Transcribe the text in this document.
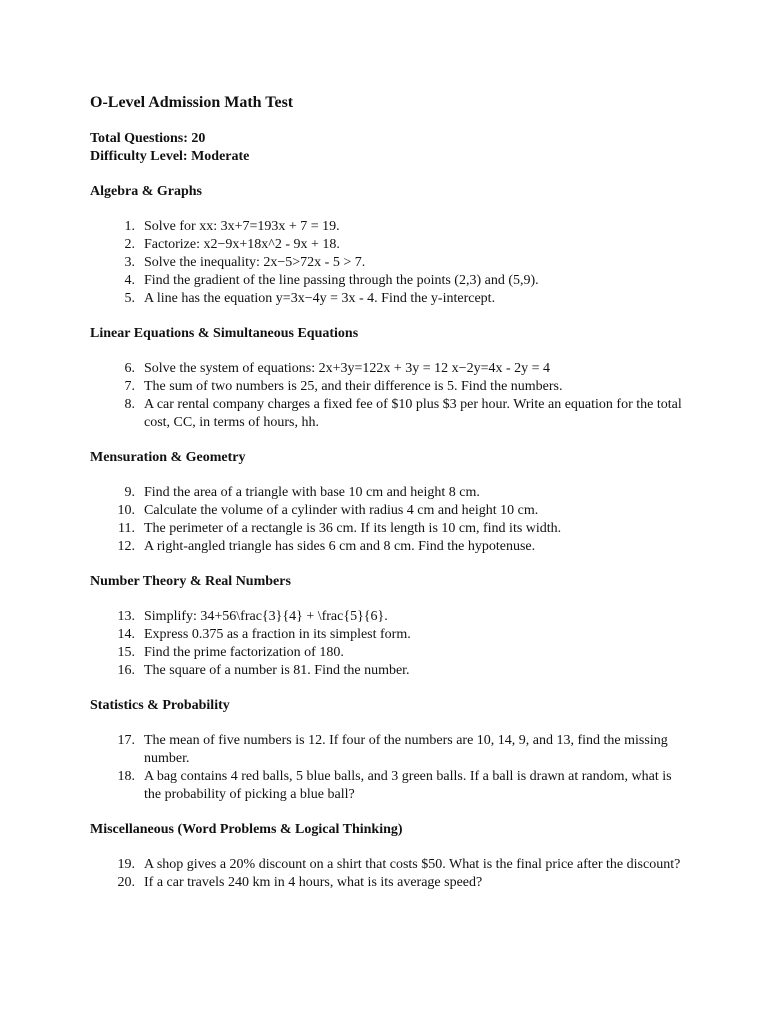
O-Level Admission Math Test

Total Questions: 20

Difficulty Level: Moderate

Algebra & Graphs

1. Solve for xx: 3x+7=193x + 7 = 19.
2. Factorize: x2−9x+18x^2 - 9x + 18.
3. Solve the inequality: 2x−5>72x - 5 > 7.
4. Find the gradient of the line passing through the points (2,3) and (5,9).
5. A line has the equation y=3x−4y = 3x - 4. Find the y-intercept.

Linear Equations & Simultaneous Equations

6. Solve the system of equations: 2x+3y=122x + 3y = 12 x−2y=4x - 2y = 4
7. The sum of two numbers is 25, and their difference is 5. Find the numbers.
8. A car rental company charges a fixed fee of $10 plus $3 per hour. Write an equation for the total cost, CC, in terms of hours, hh.

Mensuration & Geometry

9. Find the area of a triangle with base 10 cm and height 8 cm.
10. Calculate the volume of a cylinder with radius 4 cm and height 10 cm.
11. The perimeter of a rectangle is 36 cm. If its length is 10 cm, find its width.
12. A right-angled triangle has sides 6 cm and 8 cm. Find the hypotenuse.

Number Theory & Real Numbers

13. Simplify: 34+56\frac{3}{4} + \frac{5}{6}.
14. Express 0.375 as a fraction in its simplest form.
15. Find the prime factorization of 180.
16. The square of a number is 81. Find the number.

Statistics & Probability

17. The mean of five numbers is 12. If four of the numbers are 10, 14, 9, and 13, find the missing number.
18. A bag contains 4 red balls, 5 blue balls, and 3 green balls. If a ball is drawn at random, what is the probability of picking a blue ball?

Miscellaneous (Word Problems & Logical Thinking)

19. A shop gives a 20% discount on a shirt that costs $50. What is the final price after the discount?
20. If a car travels 240 km in 4 hours, what is its average speed?
